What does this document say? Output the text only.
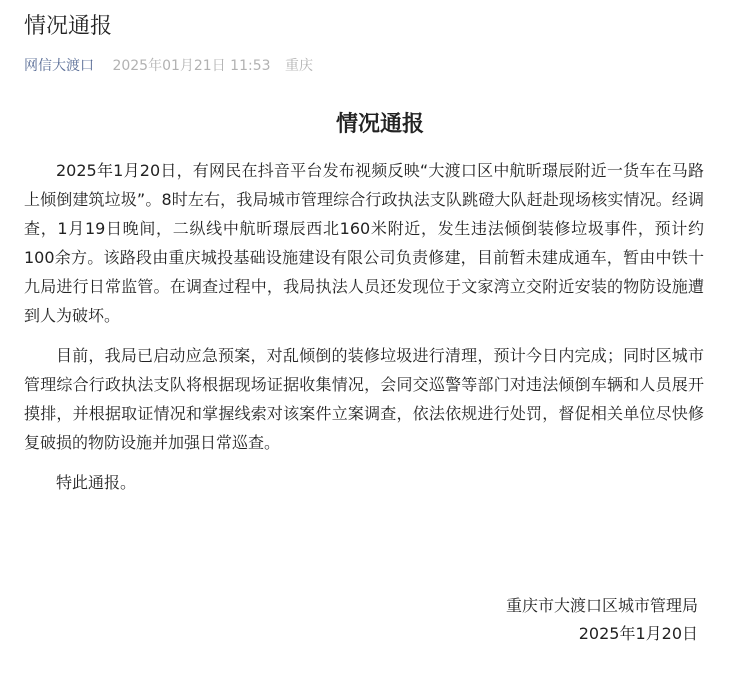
情况通报
网信大渡口 2025年01月21日 11:53 重庆
情况通报

2025年1月20日，有网民在抖音平台发布视频反映“大渡口区中航昕璟辰附近一货车在马路上倾倒建筑垃圾”。8时左右，我局城市管理综合行政执法支队跳磴大队赶赴现场核实情况。经调查，1月19日晚间，二纵线中航昕璟辰西北160米附近，发生违法倾倒装修垃圾事件，预计约100余方。该路段由重庆城投基础设施建设有限公司负责修建，目前暂未建成通车，暂由中铁十九局进行日常监管。在调查过程中，我局执法人员还发现位于文家湾立交附近安装的物防设施遭到人为破坏。

目前，我局已启动应急预案，对乱倾倒的装修垃圾进行清理，预计今日内完成；同时区城市管理综合行政执法支队将根据现场证据收集情况，会同交巡警等部门对违法倾倒车辆和人员展开摸排，并根据取证情况和掌握线索对该案件立案调查，依法依规进行处罚，督促相关单位尽快修复破损的物防设施并加强日常巡查。

特此通报。

重庆市大渡口区城市管理局
2025年1月20日
